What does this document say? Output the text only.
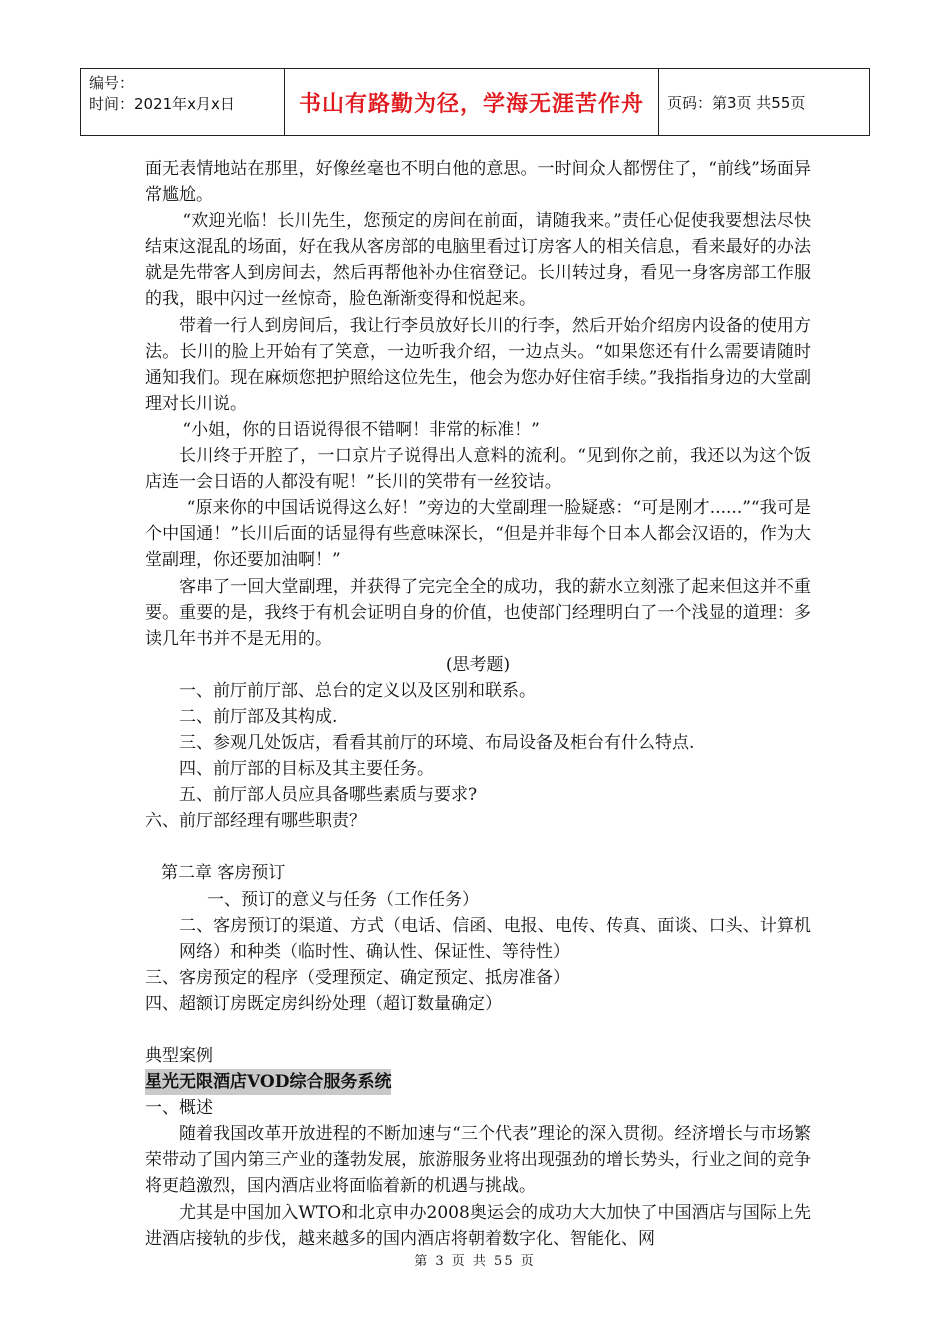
编号：
时间：2021年x月x日	书山有路勤为径，学海无涯苦作舟	页码：第3页 共55页

面无表情地站在那里，好像丝毫也不明白他的意思。一时间众人都愣住了，“前线”场面异常尴尬。

“欢迎光临！长川先生，您预定的房间在前面，请随我来。”责任心促使我要想法尽快结束这混乱的场面，好在我从客房部的电脑里看过订房客人的相关信息，看来最好的办法就是先带客人到房间去，然后再帮他补办住宿登记。长川转过身，看见一身客房部工作服的我，眼中闪过一丝惊奇，脸色渐渐变得和悦起来。

带着一行人到房间后，我让行李员放好长川的行李，然后开始介绍房内设备的使用方法。长川的脸上开始有了笑意，一边听我介绍，一边点头。“如果您还有什么需要请随时通知我们。现在麻烦您把护照给这位先生，他会为您办好住宿手续。”我指指身边的大堂副理对长川说。

“小姐，你的日语说得很不错啊！非常的标准！”

长川终于开腔了，一口京片子说得出人意料的流利。“见到你之前，我还以为这个饭店连一会日语的人都没有呢！”长川的笑带有一丝狡诘。

“原来你的中国话说得这么好！”旁边的大堂副理一脸疑惑：“可是刚才......”“我可是个中国通！”长川后面的话显得有些意味深长，“但是并非每个日本人都会汉语的，作为大堂副理，你还要加油啊！”

客串了一回大堂副理，并获得了完完全全的成功，我的薪水立刻涨了起来但这并不重要。重要的是，我终于有机会证明自身的价值，也使部门经理明白了一个浅显的道理：多读几年书并不是无用的。

(思考题)

一、前厅前厅部、总台的定义以及区别和联系。

二、前厅部及其构成.

三、参观几处饭店，看看其前厅的环境、布局设备及柜台有什么特点.

四、前厅部的目标及其主要任务。

五、前厅部人员应具备哪些素质与要求?

六、前厅部经理有哪些职责？

第二章 客房预订

一、预订的意义与任务（工作任务）

二、客房预订的渠道、方式（电话、信函、电报、电传、传真、面谈、口头、计算机网络）和种类（临时性、确认性、保证性、等待性）

三、客房预定的程序（受理预定、确定预定、抵房准备）

四、超额订房既定房纠纷处理（超订数量确定）

典型案例

星光无限酒店VOD综合服务系统

一、概述

随着我国改革开放进程的不断加速与“三个代表”理论的深入贯彻。经济增长与市场繁荣带动了国内第三产业的蓬勃发展，旅游服务业将出现强劲的增长势头，行业之间的竞争将更趋激烈，国内酒店业将面临着新的机遇与挑战。

尤其是中国加入WTO和北京申办2008奥运会的成功大大加快了中国酒店与国际上先进酒店接轨的步伐，越来越多的国内酒店将朝着数字化、智能化、网

第 3 页 共 55 页
